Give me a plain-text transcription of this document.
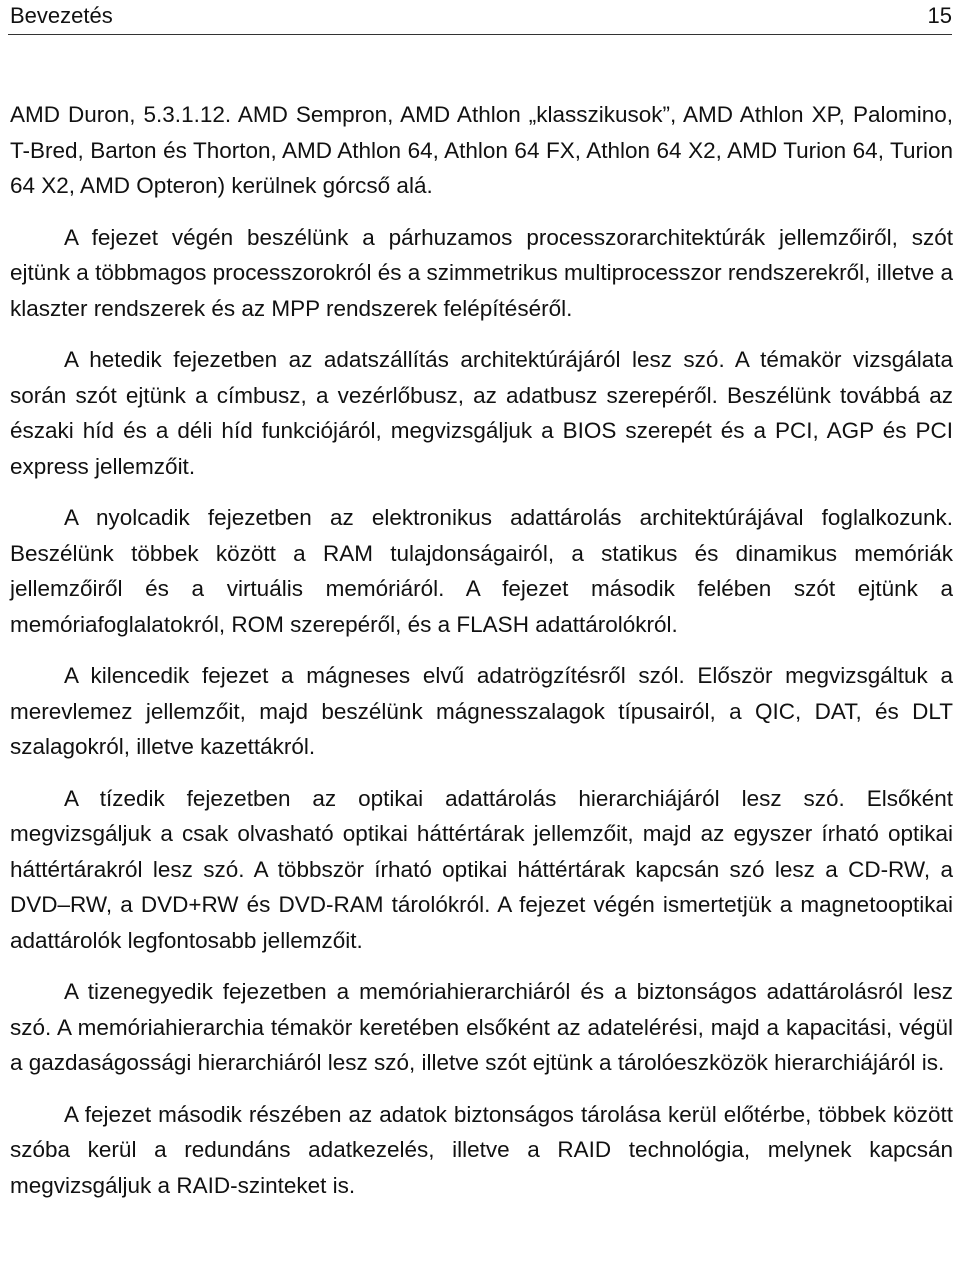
Bevezetés	15

AMD Duron, 5.3.1.12. AMD Sempron, AMD Athlon „klasszikusok”, AMD Athlon XP, Palomino, T-Bred, Barton és Thorton, AMD Athlon 64, Athlon 64 FX, Athlon 64 X2, AMD Turion 64, Turion 64 X2, AMD Opteron) kerülnek górcső alá.

A fejezet végén beszélünk a párhuzamos processzorarchitektúrák jellemzőiről, szót ejtünk a többmagos processzorokról és a szimmetrikus multiprocesszor rendszerekről, illetve a klaszter rendszerek és az MPP rendszerek felépítéséről.

A hetedik fejezetben az adatszállítás architektúrájáról lesz szó. A témakör vizsgálata során szót ejtünk a címbusz, a vezérlőbusz, az adatbusz szerepéről. Beszélünk továbbá az északi híd és a déli híd funkciójáról, megvizsgáljuk a BIOS szerepét és a PCI, AGP és PCI express jellemzőit.

A nyolcadik fejezetben az elektronikus adattárolás architektúrájával foglalkozunk. Beszélünk többek között a RAM tulajdonságairól, a statikus és dinamikus memóriák jellemzőiről és a virtuális memóriáról. A fejezet második felében szót ejtünk a memóriafoglalatokról, ROM szerepéről, és a FLASH adattárolókról.

A kilencedik fejezet a mágneses elvű adatrögzítésről szól. Először megvizsgáltuk a merevlemez jellemzőit, majd beszélünk mágnesszalagok típusairól, a QIC, DAT, és DLT szalagokról, illetve kazettákról.

A tízedik fejezetben az optikai adattárolás hierarchiájáról lesz szó. Elsőként megvizsgáljuk a csak olvasható optikai háttértárak jellemzőit, majd az egyszer írható optikai háttértárakról lesz szó. A többször írható optikai háttértárak kapcsán szó lesz a CD-RW, a DVD–RW, a DVD+RW és DVD-RAM tárolókról. A fejezet végén ismertetjük a magnetooptikai adattárolók legfontosabb jellemzőit.

A tizenegyedik fejezetben a memóriahierarchiáról és a biztonságos adattárolásról lesz szó. A memóriahierarchia témakör keretében elsőként az adatelérési, majd a kapacitási, végül a gazdaságossági hierarchiáról lesz szó, illetve szót ejtünk a tárolóeszközök hierarchiájáról is.

A fejezet második részében az adatok biztonságos tárolása kerül előtérbe, többek között szóba kerül a redundáns adatkezelés, illetve a RAID technológia, melynek kapcsán megvizsgáljuk a RAID-szinteket is.
